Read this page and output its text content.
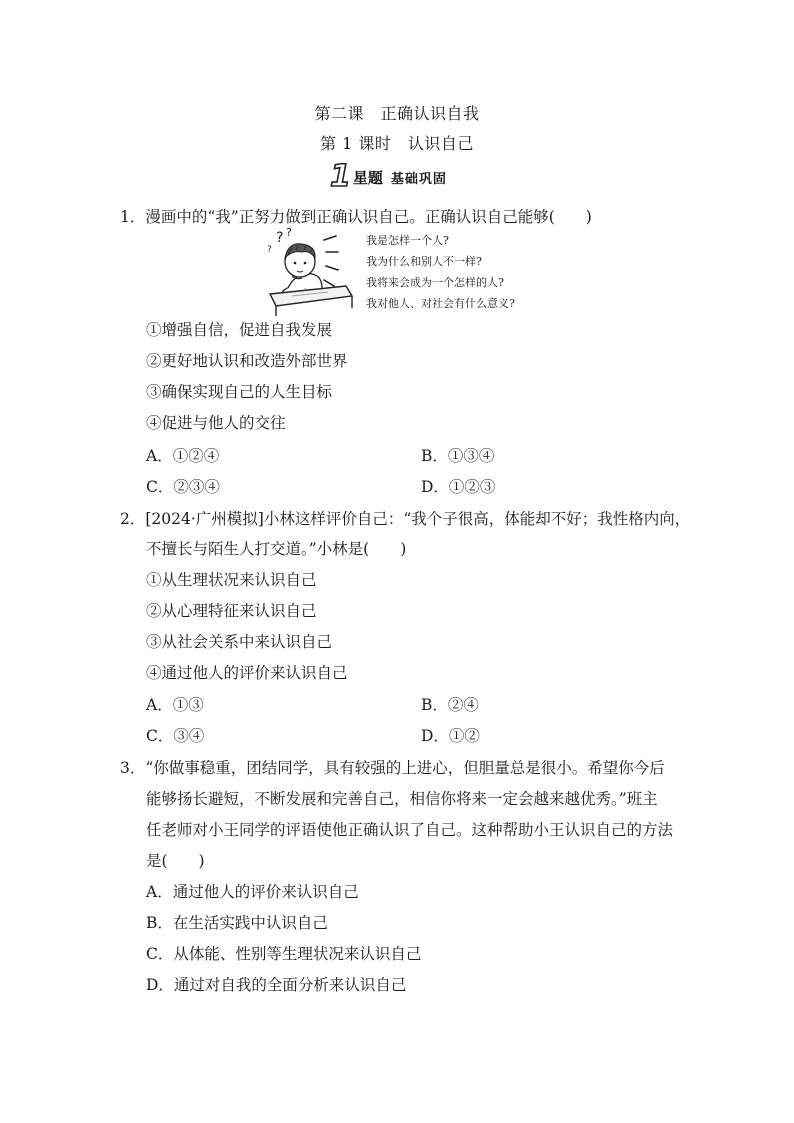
第二课　正确认识自我
第 1 课时　认识自己
1 星题 基础巩固
1．漫画中的“我”正努力做到正确认识自己。正确认识自己能够(　　)
? ?
?
我是怎样一个人?
我为什么和别人不一样?
我将来会成为一个怎样的人?
我对他人、对社会有什么意义?
①增强自信，促进自我发展
②更好地认识和改造外部世界
③确保实现自己的人生目标
④促进与他人的交往
A．①②④	B．①③④
C．②③④	D．①②③
2．[2024·广州模拟]小林这样评价自己：“我个子很高，体能却不好；我性格内向，
不擅长与陌生人打交道。”小林是(　　)
①从生理状况来认识自己
②从心理特征来认识自己
③从社会关系中来认识自己
④通过他人的评价来认识自己
A．①③	B．②④
C．③④	D．①②
3．“你做事稳重，团结同学，具有较强的上进心，但胆量总是很小。希望你今后
能够扬长避短，不断发展和完善自己，相信你将来一定会越来越优秀。”班主
任老师对小王同学的评语使他正确认识了自己。这种帮助小王认识自己的方法
是(　　)
A．通过他人的评价来认识自己
B．在生活实践中认识自己
C．从体能、性别等生理状况来认识自己
D．通过对自我的全面分析来认识自己
